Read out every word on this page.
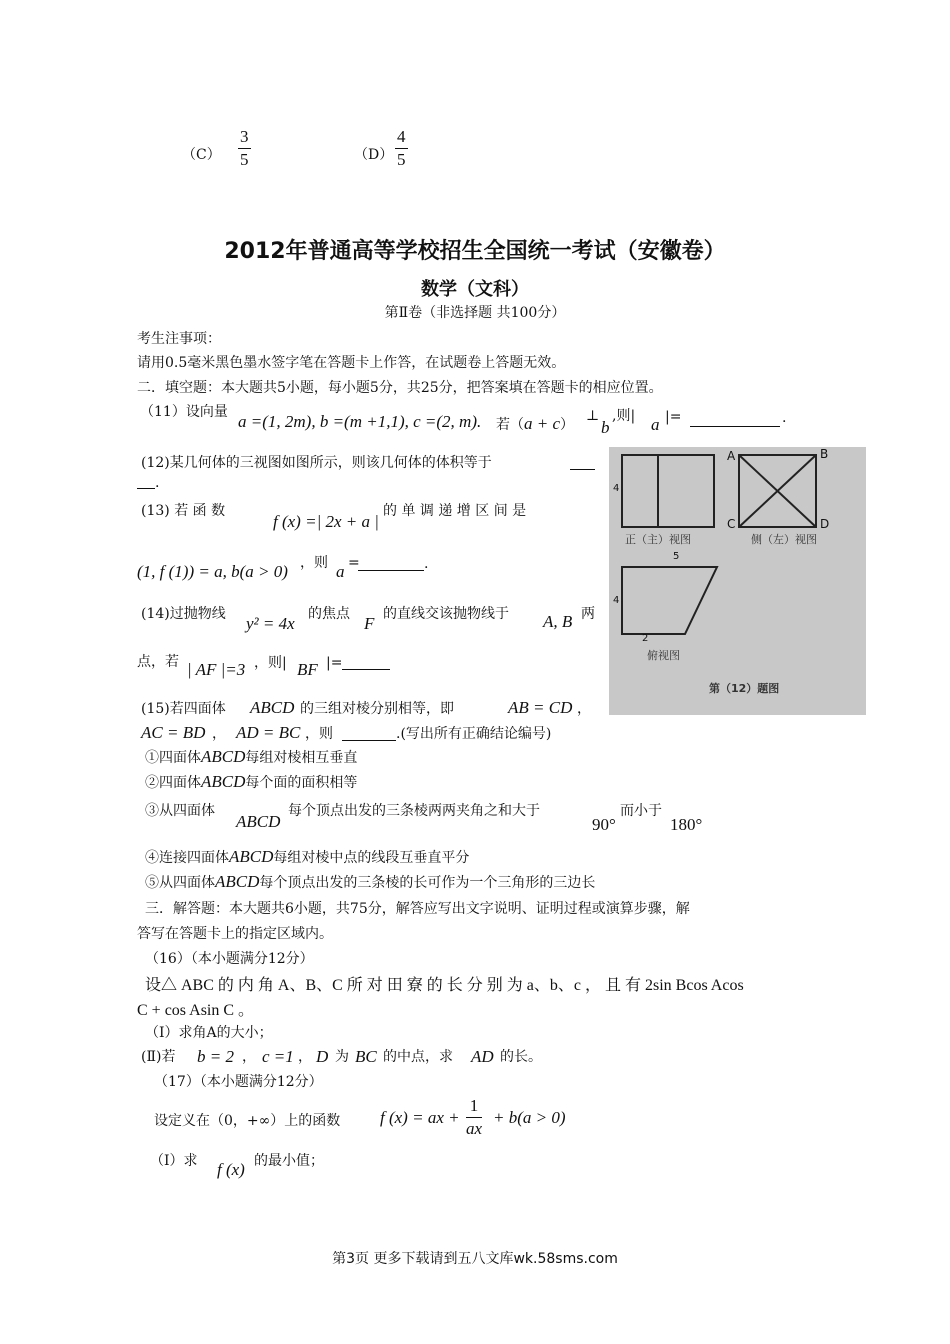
$(C) \frac{3}{5}$	$(D) \frac{4}{5}$
2012年普通高等学校招生全国统一考试（安徽卷）
数学（文科）
第Ⅱ卷（非选择题 共100分）
考生注事项：
请用0.5毫米黑色墨水签字笔在答题卡上作答，在试题卷上答题无效。
二．填空题：本大题共5小题，每小题5分，共25分，把答案填在答题卡的相应位置。
（11）设向量 a =(1, 2m), b =(m +1,1), c =(2, m). 若（a + c）
⊥
b
,则| a |=	.
(12)某几何体的三视图如图所示，则该几何体的体积等于
.
(13) 若 函 数
f (x) =| 2x + a |
的 单 调 递 增 区 间 是
(1, f (1)) = a, b(a > 0) ，则 a =	.
(14)过抛物线 y² = 4x 的焦点 F 的直线交该抛物线于 A, B 两
点，若 | AF |=3 ，则| BF |=
(15)若四面体 ABCD 的三组对棱分别相等，即	AB = CD ，
AC = BD ， AD = BC ，则	.(写出所有正确结论编号)
①四面体ABCD每组对棱相互垂直
②四面体ABCD每个面的面积相等
③从四面体
ABCD
每个顶点出发的三条棱两两夹角之和大于
90°
而小于
180°
④连接四面体ABCD每组对棱中点的线段互垂直平分
⑤从四面体ABCD每个顶点出发的三条棱的长可作为一个三角形的三边长
三．解答题：本大题共6小题，共75分，解答应写出文字说明、证明过程或演算步骤，解
答写在答题卡上的指定区域内。
（16）（本小题满分12分）
设△ ABC 的 内 角 A、B、C 所 对 田 寮 的 长 分 别 为 a、b、c ， 且 有 2sin Bcos Acos
C + cos Asin C 。
（Ⅰ）求角A的大小；
(Ⅱ)若 b = 2 ， c =1 ， D 为 BC 的中点，求 AD 的长。
（17）（本小题满分12分）
设定义在（0，+∞）上的函数 f (x) = ax + $\frac{1}{ax} + b(a > 0)$
（Ⅰ）求 f (x) 的最小值；
4
4
5
2
A	B
C	D
正（主）视图	侧（左）视图
俯视图
第（12）题图
第3页 更多下载请到五八文库wk.58sms.com
